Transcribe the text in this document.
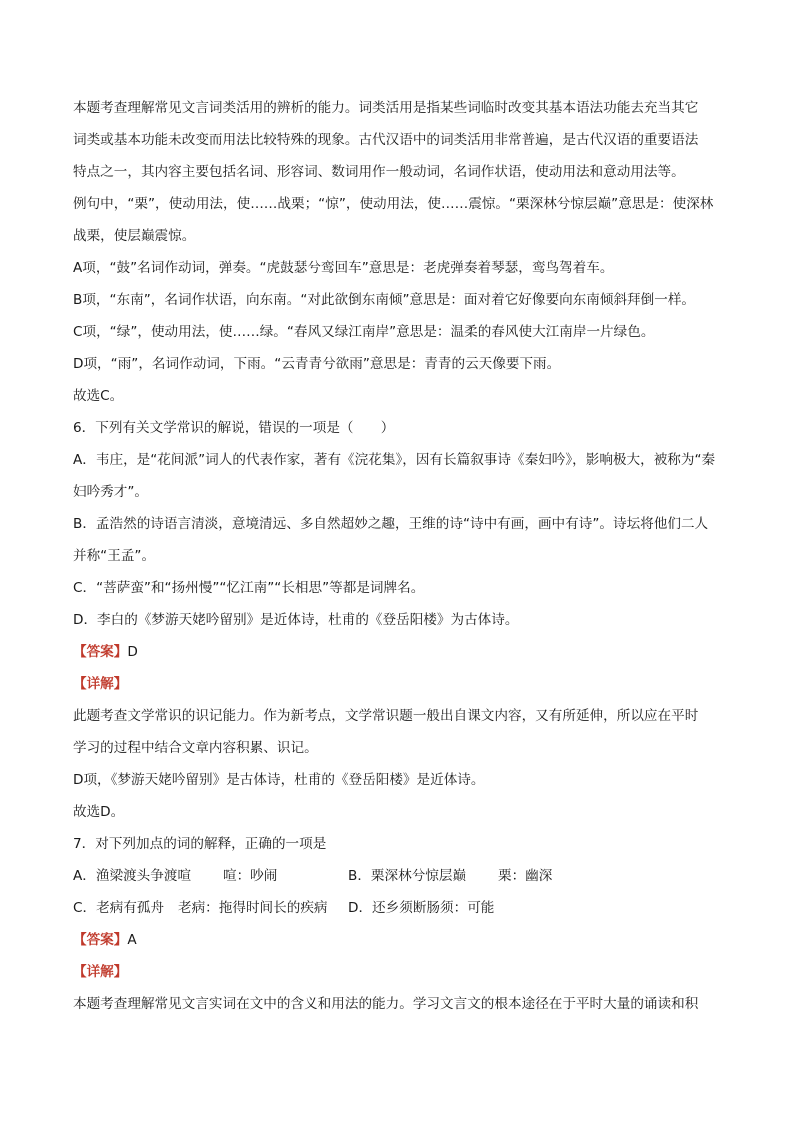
本题考查理解常见文言词类活用的辨析的能力。词类活用是指某些词临时改变其基本语法功能去充当其它

词类或基本功能未改变而用法比较特殊的现象。古代汉语中的词类活用非常普遍，是古代汉语的重要语法

特点之一，其内容主要包括名词、形容词、数词用作一般动词，名词作状语，使动用法和意动用法等。

例句中，“栗”，使动用法，使……战栗；“惊”，使动用法，使……震惊。“栗深林兮惊层巅”意思是：使深林

战栗，使层巅震惊。

A项，“鼓”名词作动词，弹奏。“虎鼓瑟兮鸾回车”意思是：老虎弹奏着琴瑟，鸾鸟驾着车。

B项，“东南”，名词作状语，向东南。“对此欲倒东南倾”意思是：面对着它好像要向东南倾斜拜倒一样。

C项，“绿”，使动用法，使……绿。“春风又绿江南岸”意思是：温柔的春风使大江南岸一片绿色。

D项，“雨”，名词作动词，下雨。“云青青兮欲雨”意思是：青青的云天像要下雨。

故选C。

6．下列有关文学常识的解说，错误的一项是（　　）

A．韦庄，是“花间派”词人的代表作家，著有《浣花集》，因有长篇叙事诗《秦妇吟》，影响极大，被称为“秦

妇吟秀才”。

B．孟浩然的诗语言清淡，意境清远、多自然超妙之趣，王维的诗“诗中有画，画中有诗”。诗坛将他们二人

并称“王孟”。

C．“菩萨蛮”和“扬州慢”“忆江南”“长相思”等都是词牌名。

D．李白的《梦游天姥吟留别》是近体诗，杜甫的《登岳阳楼》为古体诗。

【答案】D

【详解】

此题考查文学常识的识记能力。作为新考点，文学常识题一般出自课文内容，又有所延伸，所以应在平时

学习的过程中结合文章内容积累、识记。

D项，《梦游天姥吟留别》是古体诗，杜甫的《登岳阳楼》是近体诗。

故选D。

7．对下列加点的词的解释，正确的一项是

A．渔梁渡头争渡喧 喧：吵闹	B．栗深林兮惊层巅 栗：幽深

C．老病有孤舟 老病：拖得时间长的疾病 D．还乡须断肠须：可能

【答案】A

【详解】

本题考查理解常见文言实词在文中的含义和用法的能力。学习文言文的根本途径在于平时大量的诵读和积
